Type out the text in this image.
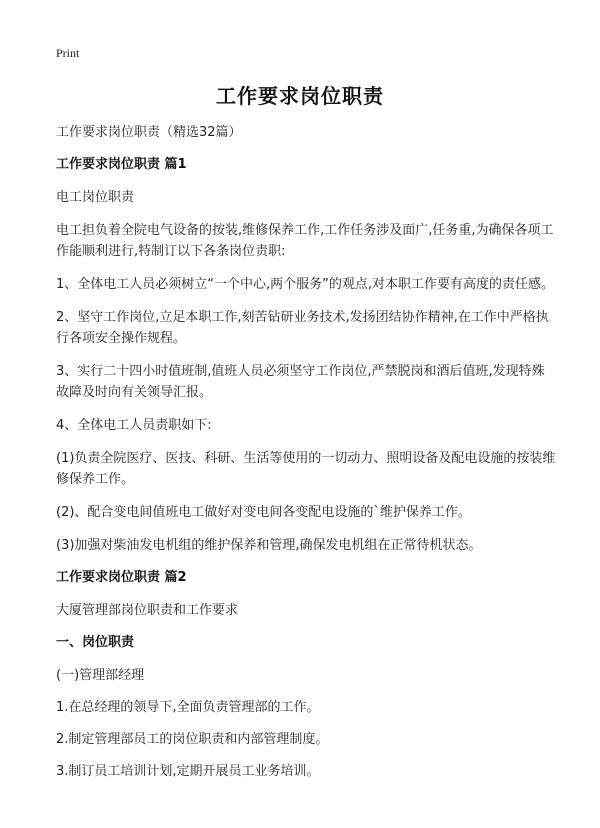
Print
工作要求岗位职责

工作要求岗位职责（精选32篇）

工作要求岗位职责 篇1

电工岗位职责

电工担负着全院电气设备的按装,维修保养工作,工作任务涉及面广,任务重,为确保各项工作能顺利进行,特制订以下各条岗位责职:

1、全体电工人员必须树立“一个中心,两个服务”的观点,对本职工作要有高度的责任感。

2、坚守工作岗位,立足本职工作,刻苦钻研业务技术,发扬团结协作精神,在工作中严格执行各项安全操作规程。

3、实行二十四小时值班制,值班人员必须坚守工作岗位,严禁脱岗和酒后值班,发现特殊故障及时向有关领导汇报。

4、全体电工人员责职如下:

(1)负责全院医疗、医技、科研、生活等使用的一切动力、照明设备及配电设施的按装维修保养工作。

(2)、配合变电间值班电工做好对变电间各变配电设施的`维护保养工作。

(3)加强对柴油发电机组的维护保养和管理,确保发电机组在正常待机状态。

工作要求岗位职责 篇2

大厦管理部岗位职责和工作要求

一、岗位职责

(一)管理部经理

1.在总经理的领导下,全面负责管理部的工作。

2.制定管理部员工的岗位职责和内部管理制度。

3.制订员工培训计划,定期开展员工业务培训。
